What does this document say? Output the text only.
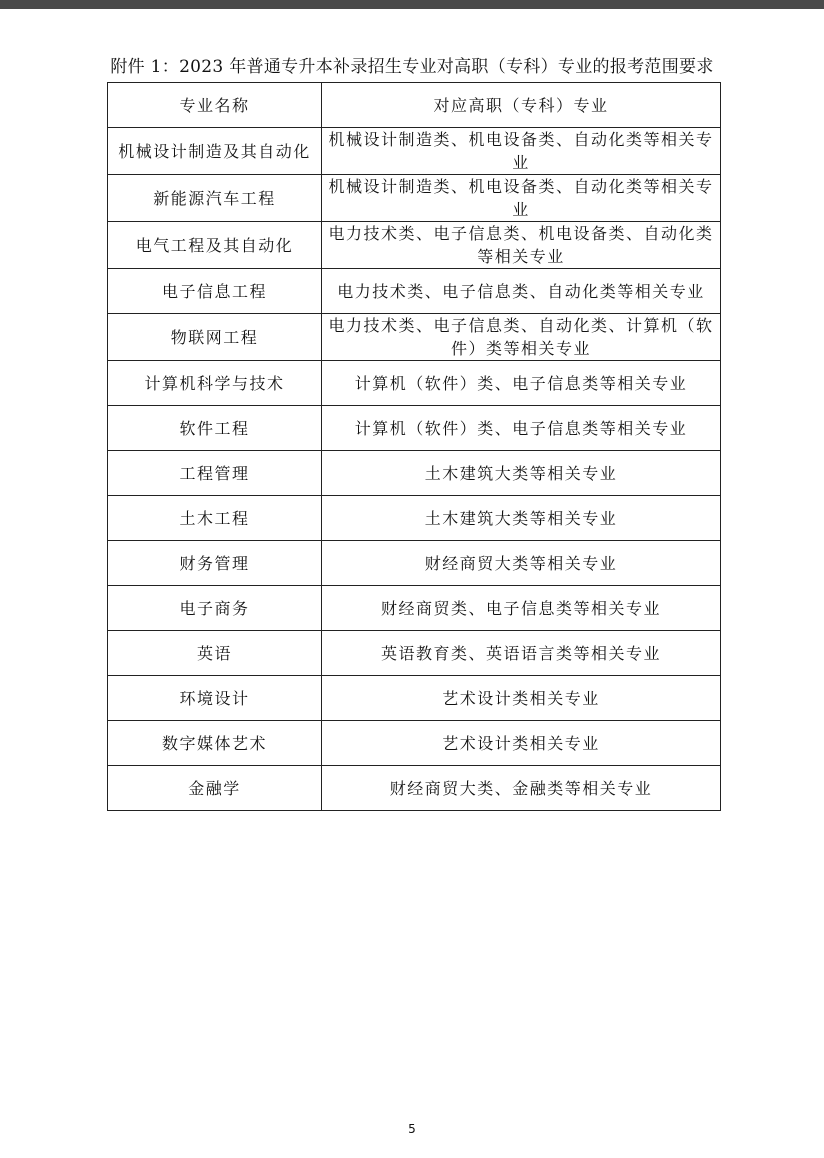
附件 1：2023 年普通专升本补录招生专业对高职（专科）专业的报考范围要求
专业名称	对应高职（专科）专业
机械设计制造及其自动化	机械设计制造类、机电设备类、自动化类等相关专业
新能源汽车工程	机械设计制造类、机电设备类、自动化类等相关专业
电气工程及其自动化	电力技术类、电子信息类、机电设备类、自动化类等相关专业
电子信息工程	电力技术类、电子信息类、自动化类等相关专业
物联网工程	电力技术类、电子信息类、自动化类、计算机（软件）类等相关专业
计算机科学与技术	计算机（软件）类、电子信息类等相关专业
软件工程	计算机（软件）类、电子信息类等相关专业
工程管理	土木建筑大类等相关专业
土木工程	土木建筑大类等相关专业
财务管理	财经商贸大类等相关专业
电子商务	财经商贸类、电子信息类等相关专业
英语	英语教育类、英语语言类等相关专业
环境设计	艺术设计类相关专业
数字媒体艺术	艺术设计类相关专业
金融学	财经商贸大类、金融类等相关专业
5
